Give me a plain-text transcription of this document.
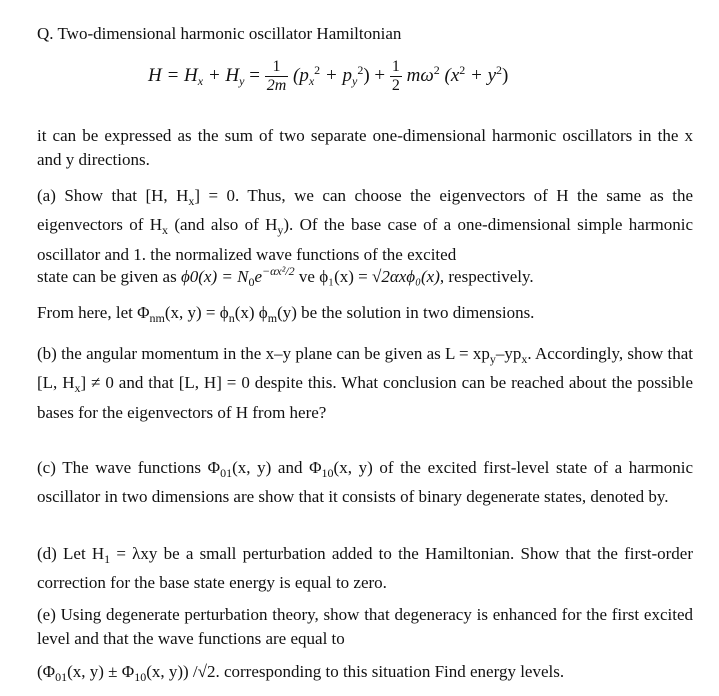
Q. Two-dimensional harmonic oscillator Hamiltonian
$H = H_x + H_y = \frac{1}{2m} (p_x^2 + p_y^2) + \frac{1}{2} m\omega^2$ $(x^2 + y^2)$
it can be expressed as the sum of two separate one-dimensional harmonic oscillators in the x and y directions.
(a) Show that [H, $H_x] = 0$. Thus, we can choose the eigenvectors of H the same as the eigenvectors of $H_x$ (and also of $H_y$). Of the base case of a one-dimensional simple harmonic oscillator and 1. the normalized wave functions of the excited
state can be given as $\phi 0(x) = N_0e^{-\alpha x^2/2}$ ve ϕ₁(x) = √2αxϕ₀(x), respectively.
From here, let $\Phi_{nm}(x$, $y) = \phi_n(x)$ $\phi_m(y)$ be the solution in two dimensions.
(b) the angular momentum in the x–y plane can be given as $L = xp_y-yp_x$. Accordingly, show that [L, $H_x] \ne 0$ and that [L, H] = 0 despite this. What conclusion can be reached about the possible bases for the eigenvectors of H from here?
(c) The wave functions $\Phi_{01}(x$, y) and $\Phi_{10}(x$, y) of the excited first-level state of a harmonic oscillator in two dimensions are show that it consists of binary degenerate states, denoted by.
(d) Let $H_1 = \lambda xy$ be a small perturbation added to the Hamiltonian. Show that the first-order correction for the base state energy is equal to zero.
(e) Using degenerate perturbation theory, show that degeneracy is enhanced for the first excited level and that the wave functions are equal to
($\Phi_{01}(x$, $y) \pm \Phi_{10}(x$, y)) /√2. corresponding to this situation Find energy levels.
